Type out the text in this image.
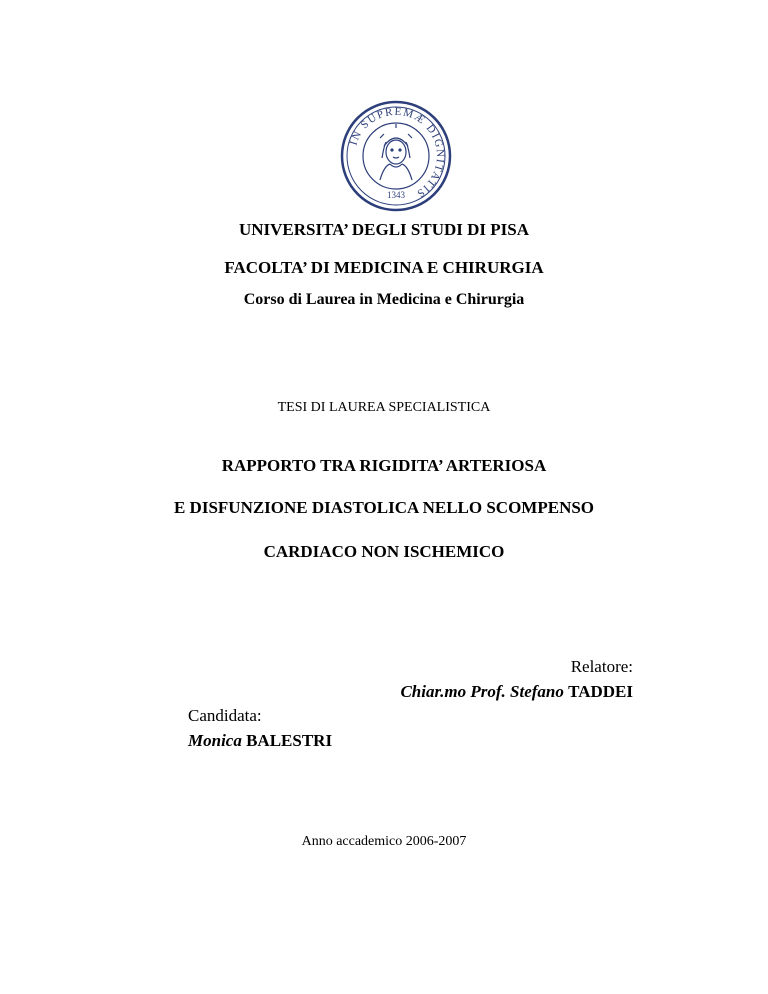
IN SUPREMÆ DIGNITATIS
1343
UNIVERSITA’ DEGLI STUDI DI PISA
FACOLTA’ DI MEDICINA E CHIRURGIA
Corso di Laurea in Medicina e Chirurgia
TESI DI LAUREA SPECIALISTICA
RAPPORTO TRA RIGIDITA’ ARTERIOSA
E DISFUNZIONE DIASTOLICA NELLO SCOMPENSO
CARDIACO NON ISCHEMICO
Relatore:
Chiar.mo Prof. Stefano TADDEI
Candidata:
Monica BALESTRI
Anno accademico 2006-2007
